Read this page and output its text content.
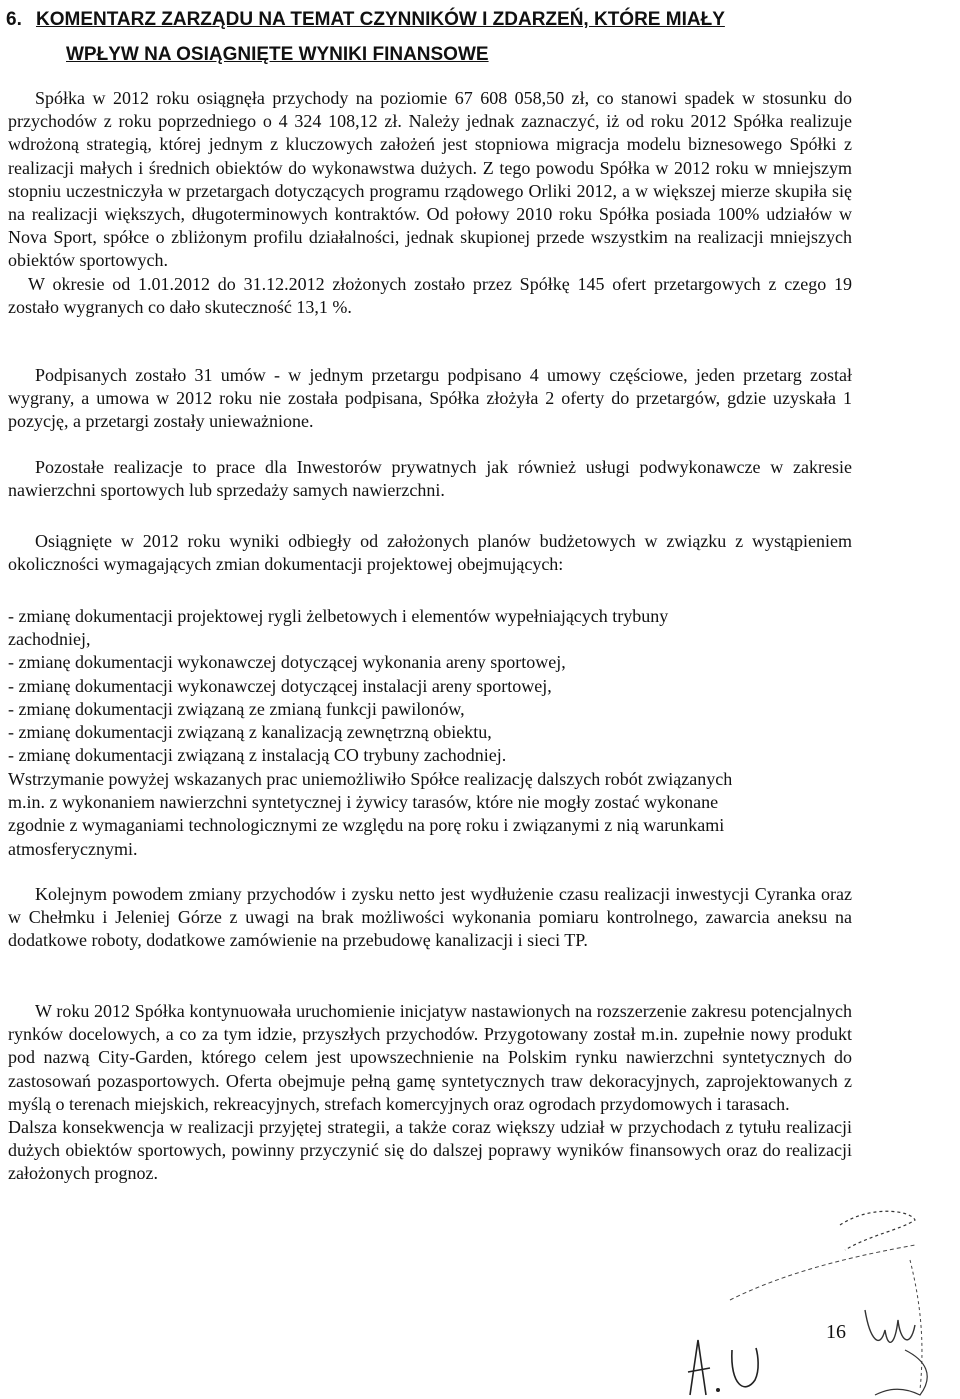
6. KOMENTARZ ZARZĄDU NA TEMAT CZYNNIKÓW I ZDARZEŃ, KTÓRE MIAŁY
WPŁYW NA OSIĄGNIĘTE WYNIKI FINANSOWE

Spółka w 2012 roku osiągnęła przychody na poziomie 67 608 058,50 zł, co stanowi spadek w stosunku do przychodów z roku poprzedniego o 4 324 108,12 zł. Należy jednak zaznaczyć, iż od roku 2012 Spółka realizuje wdrożoną strategią, której jednym z kluczowych założeń jest stopniowa migracja modelu biznesowego Spółki z realizacji małych i średnich obiektów do wykonawstwa dużych. Z tego powodu Spółka w 2012 roku w mniejszym stopniu uczestniczyła w przetargach dotyczących programu rządowego Orliki 2012, a w większej mierze skupiła się na realizacji większych, długoterminowych kontraktów. Od połowy 2010 roku Spółka posiada 100% udziałów w Nova Sport, spółce o zbliżonym profilu działalności, jednak skupionej przede wszystkim na realizacji mniejszych obiektów sportowych.

W okresie od 1.01.2012 do 31.12.2012 złożonych zostało przez Spółkę 145 ofert przetargowych z czego 19 zostało wygranych co dało skuteczność 13,1 %.

Podpisanych zostało 31 umów - w jednym przetargu podpisano 4 umowy częściowe, jeden przetarg został wygrany, a umowa w 2012 roku nie została podpisana, Spółka złożyła 2 oferty do przetargów, gdzie uzyskała 1 pozycję, a przetargi zostały unieważnione.

Pozostałe realizacje to prace dla Inwestorów prywatnych jak również usługi podwykonawcze w zakresie nawierzchni sportowych lub sprzedaży samych nawierzchni.

Osiągnięte w 2012 roku wyniki odbiegły od założonych planów budżetowych w związku z wystąpieniem okoliczności wymagających zmian dokumentacji projektowej obejmujących:

- zmianę dokumentacji projektowej rygli żelbetowych i elementów wypełniających trybuny zachodniej,
- zmianę dokumentacji wykonawczej dotyczącej wykonania areny sportowej,
- zmianę dokumentacji wykonawczej dotyczącej instalacji areny sportowej,
- zmianę dokumentacji związaną ze zmianą funkcji pawilonów,
- zmianę dokumentacji związaną z kanalizacją zewnętrzną obiektu,
- zmianę dokumentacji związaną z instalacją CO trybuny zachodniej.

Wstrzymanie powyżej wskazanych prac uniemożliwiło Spółce realizację dalszych robót związanych m.in. z wykonaniem nawierzchni syntetycznej i żywicy tarasów, które nie mogły zostać wykonane zgodnie z wymaganiami technologicznymi ze względu na porę roku i związanymi z nią warunkami atmosferycznymi.

Kolejnym powodem zmiany przychodów i zysku netto jest wydłużenie czasu realizacji inwestycji Cyranka oraz w Chełmku i Jeleniej Górze z uwagi na brak możliwości wykonania pomiaru kontrolnego, zawarcia aneksu na dodatkowe roboty, dodatkowe zamówienie na przebudowę kanalizacji i sieci TP.

W roku 2012 Spółka kontynuowała uruchomienie inicjatyw nastawionych na rozszerzenie zakresu potencjalnych rynków docelowych, a co za tym idzie, przyszłych przychodów. Przygotowany został m.in. zupełnie nowy produkt pod nazwą City-Garden, którego celem jest upowszechnienie na Polskim rynku nawierzchni syntetycznych do zastosowań pozasportowych. Oferta obejmuje pełną gamę syntetycznych traw dekoracyjnych, zaprojektowanych z myślą o terenach miejskich, rekreacyjnych, strefach komercyjnych oraz ogrodach przydomowych i tarasach.

Dalsza konsekwencja w realizacji przyjętej strategii, a także coraz większy udział w przychodach z tytułu realizacji dużych obiektów sportowych, powinny przyczynić się do dalszej poprawy wyników finansowych oraz do realizacji założonych prognoz.

16
